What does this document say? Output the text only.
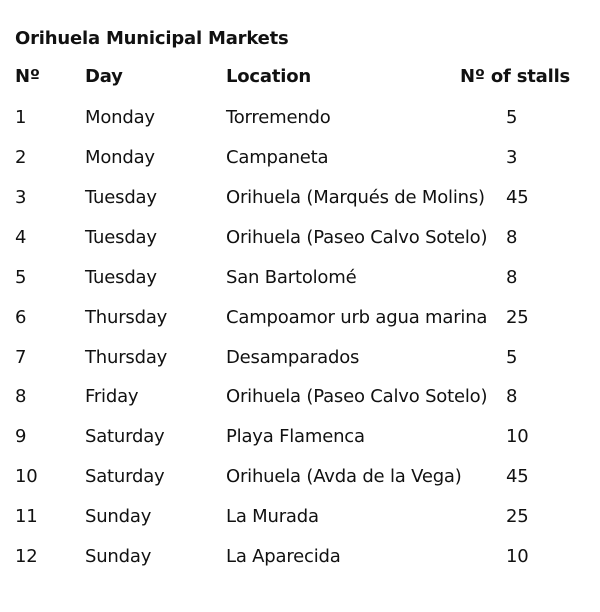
Orihuela Municipal Markets
Nº	Day	Location	Nº of stalls
1	Monday	Torremendo	5
2	Monday	Campaneta	3
3	Tuesday	Orihuela (Marqués de Molins) 45
4	Tuesday	Orihuela (Paseo Calvo Sotelo) 8
5	Tuesday	San Bartolomé	8
6	Thursday	Campoamor urb agua marina 25
7	Thursday	Desamparados	5
8	Friday	Orihuela (Paseo Calvo Sotelo) 8
9	Saturday	Playa Flamenca	10
10	Saturday	Orihuela (Avda de la Vega) 45
11	Sunday	La Murada	25
12	Sunday	La Aparecida	10
